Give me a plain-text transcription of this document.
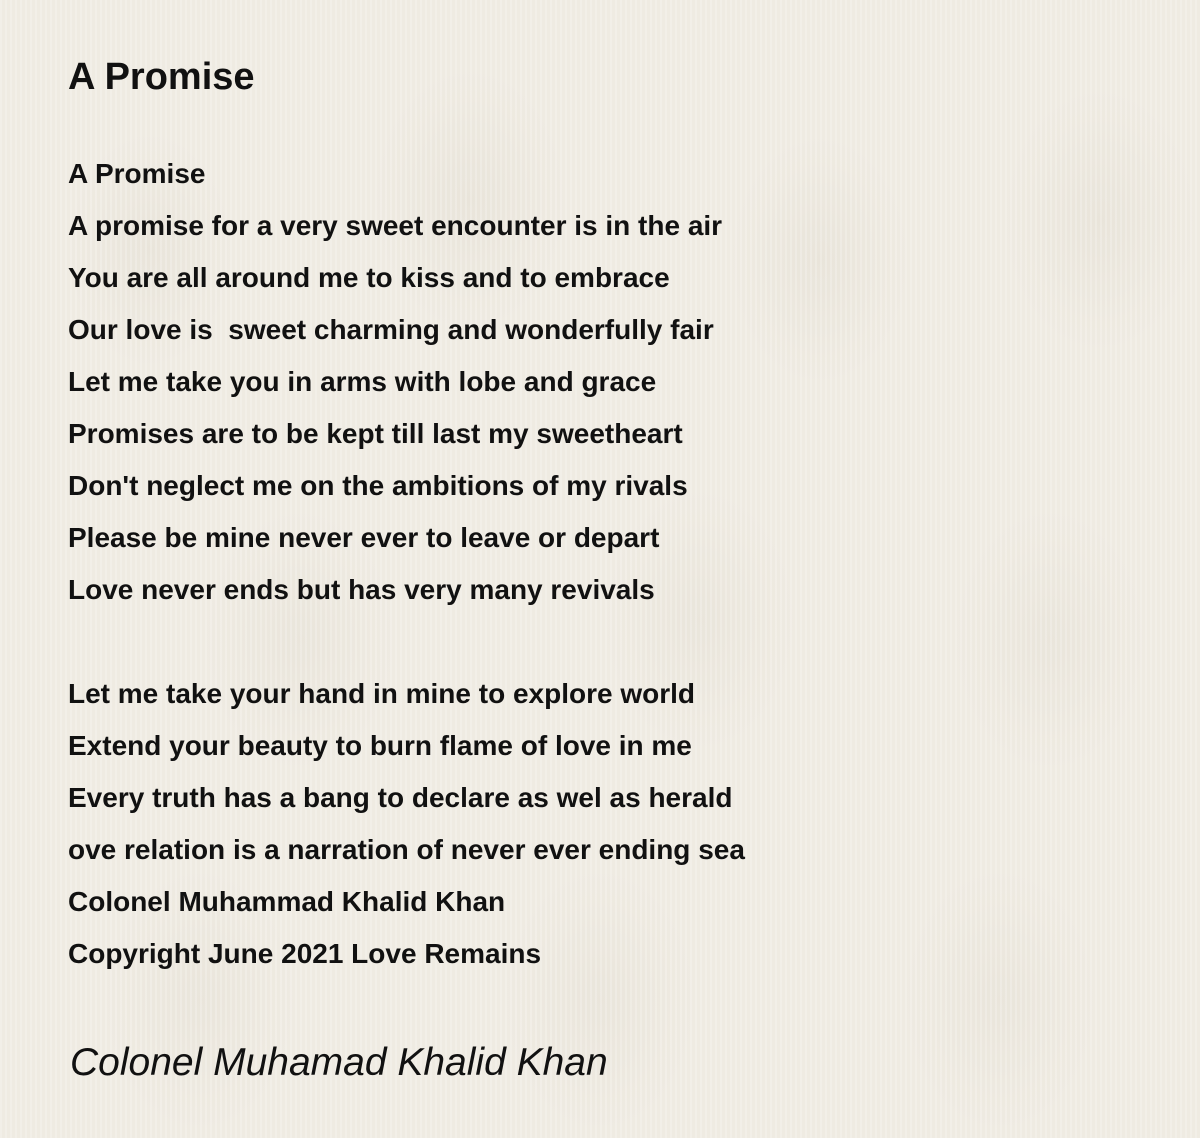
A Promise
A Promise
A promise for a very sweet encounter is in the air
You are all around me to kiss and to embrace
Our love is  sweet charming and wonderfully fair
Let me take you in arms with lobe and grace
Promises are to be kept till last my sweetheart
Don't neglect me on the ambitions of my rivals
Please be mine never ever to leave or depart
Love never ends but has very many revivals
Let me take your hand in mine to explore world
Extend your beauty to burn flame of love in me
Every truth has a bang to declare as wel as herald
ove relation is a narration of never ever ending sea
Colonel Muhammad Khalid Khan
Copyright June 2021 Love Remains
Colonel Muhamad Khalid Khan
